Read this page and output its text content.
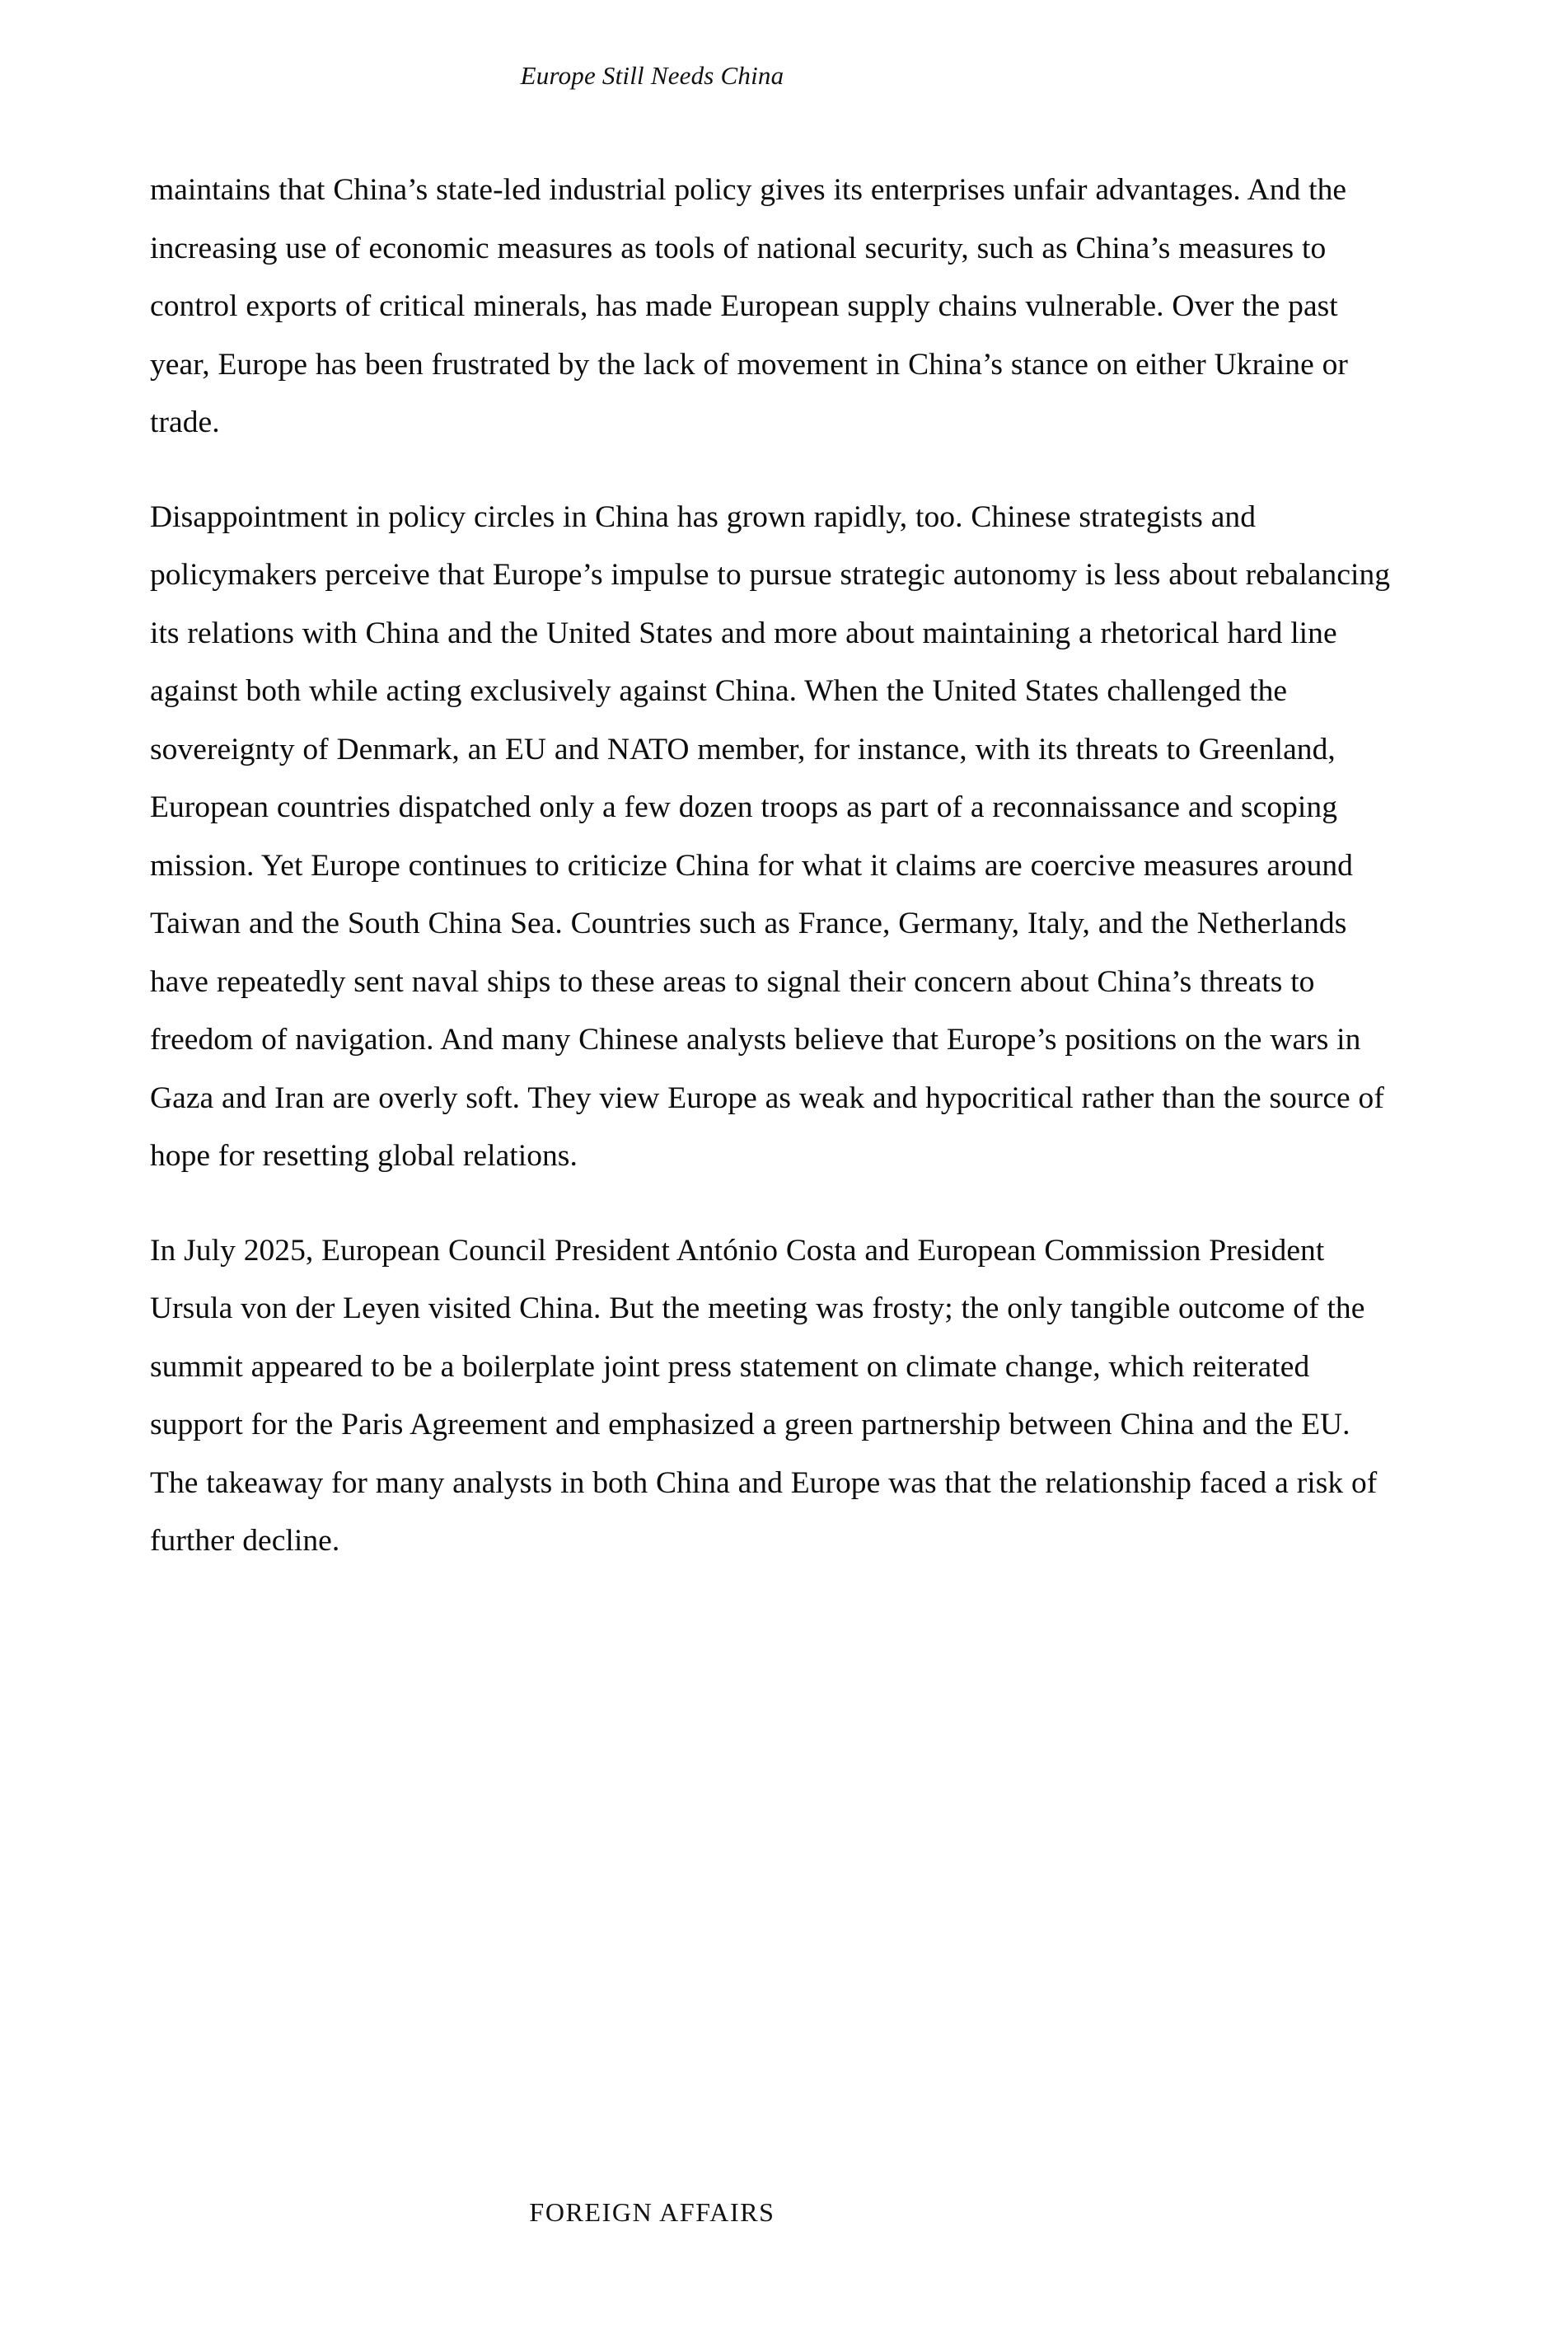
Europe Still Needs China

maintains that China’s state-led industrial policy gives its enterprises unfair advantages. And the increasing use of economic measures as tools of national security, such as China’s measures to control exports of critical minerals, has made European supply chains vulnerable. Over the past year, Europe has been frustrated by the lack of movement in China’s stance on either Ukraine or trade.

Disappointment in policy circles in China has grown rapidly, too. Chinese strategists and policymakers perceive that Europe’s impulse to pursue strategic autonomy is less about rebalancing its relations with China and the United States and more about maintaining a rhetorical hard line against both while acting exclusively against China. When the United States challenged the sovereignty of Denmark, an EU and NATO member, for instance, with its threats to Greenland, European countries dispatched only a few dozen troops as part of a reconnaissance and scoping mission. Yet Europe continues to criticize China for what it claims are coercive measures around Taiwan and the South China Sea. Countries such as France, Germany, Italy, and the Netherlands have repeatedly sent naval ships to these areas to signal their concern about China’s threats to freedom of navigation. And many Chinese analysts believe that Europe’s positions on the wars in Gaza and Iran are overly soft. They view Europe as weak and hypocritical rather than the source of hope for resetting global relations.

In July 2025, European Council President António Costa and European Commission President Ursula von der Leyen visited China. But the meeting was frosty; the only tangible outcome of the summit appeared to be a boilerplate joint press statement on climate change, which reiterated support for the Paris Agreement and emphasized a green partnership between China and the EU. The takeaway for many analysts in both China and Europe was that the relationship faced a risk of further decline.

FOREIGN AFFAIRS
